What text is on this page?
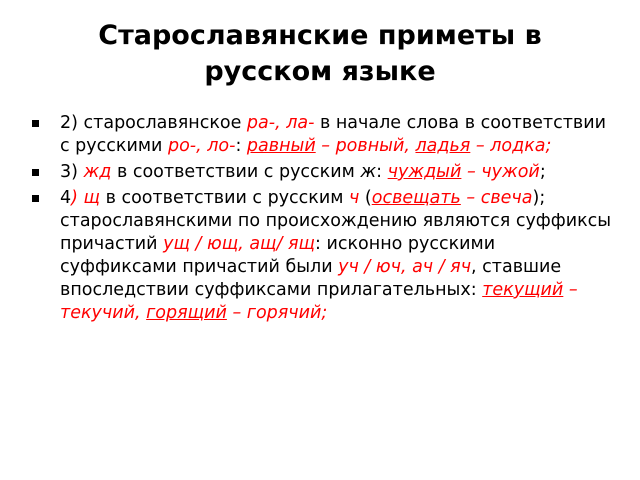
Старославянские приметы в
русском языке
2) старославянское ра-, ла- в начале слова в соответствии с русскими ро-, ло-: равный – ровный, ладья – лодка;
3) жд в соответствии с русским ж: чуждый – чужой;
4) щ в соответствии с русским ч (освещать – свеча); старославянскими по происхождению являются суффиксы причастий ущ / ющ, ащ/ ящ: исконно русскими суффиксами причастий были уч / юч, ач / яч, ставшие впоследствии суффиксами прилагательных: текущий – текучий, горящий – горячий;
